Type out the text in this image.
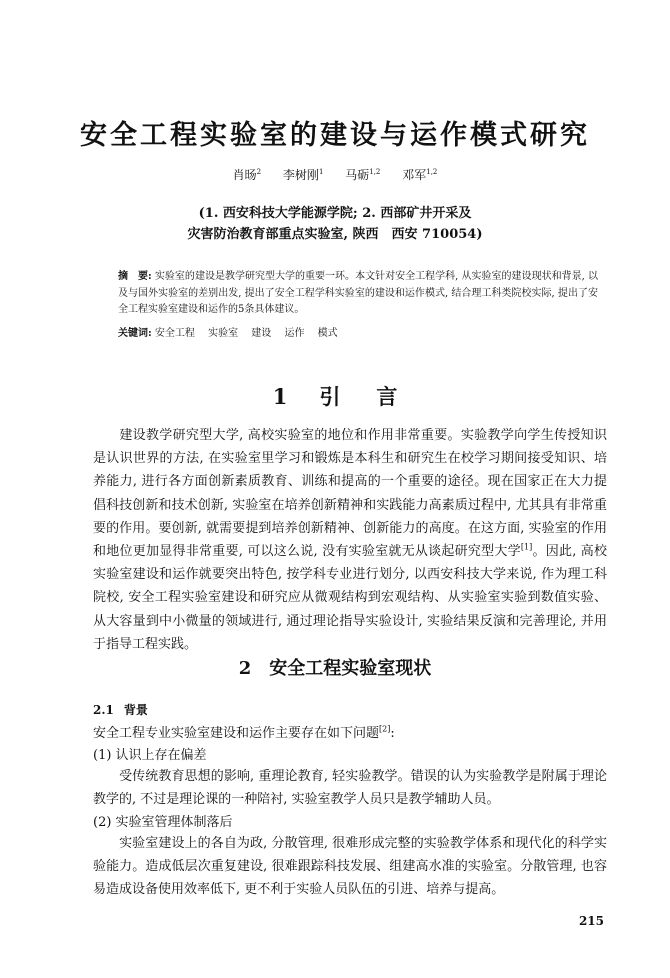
安全工程实验室的建设与运作模式研究
肖旸$^2$ 李树刚$^1$ 马砺$^{1,2}$ 邓军$^{1,2}$
(1. 西安科技大学能源学院; 2. 西部矿井开采及
灾害防治教育部重点实验室, 陕西　西安 710054)
摘　要: 实验室的建设是教学研究型大学的重要一环。本文针对安全工程学科, 从实验室的建设现状和背景, 以及与国外实验室的差别出发, 提出了安全工程学科实验室的建设和运作模式, 结合理工科类院校实际, 提出了安全工程实验室建设和运作的5条具体建议。
关键词: 安全工程 实验室 建设 运作 模式
1 引 言
建设教学研究型大学, 高校实验室的地位和作用非常重要。实验教学向学生传授知识是认识世界的方法, 在实验室里学习和锻炼是本科生和研究生在校学习期间接受知识、培养能力, 进行各方面创新素质教育、训练和提高的一个重要的途径。现在国家正在大力提倡科技创新和技术创新, 实验室在培养创新精神和实践能力高素质过程中, 尤其具有非常重要的作用。要创新, 就需要提到培养创新精神、创新能力的高度。在这方面, 实验室的作用和地位更加显得非常重要, 可以这么说, 没有实验室就无从谈起研究型大学[1]。因此, 高校实验室建设和运作就要突出特色, 按学科专业进行划分, 以西安科技大学来说, 作为理工科院校, 安全工程实验室建设和研究应从微观结构到宏观结构、从实验室实验到数值实验、从大容量到中小微量的领域进行, 通过理论指导实验设计, 实验结果反演和完善理论, 并用于指导工程实践。
2 安全工程实验室现状
2.1 背景
安全工程专业实验室建设和运作主要存在如下问题[2]:
(1) 认识上存在偏差
受传统教育思想的影响, 重理论教育, 轻实验教学。错误的认为实验教学是附属于理论教学的, 不过是理论课的一种陪衬, 实验室教学人员只是教学辅助人员。
(2) 实验室管理体制落后
实验室建设上的各自为政, 分散管理, 很难形成完整的实验教学体系和现代化的科学实验能力。造成低层次重复建设, 很难跟踪科技发展、组建高水准的实验室。分散管理, 也容易造成设备使用效率低下, 更不利于实验人员队伍的引进、培养与提高。
215
